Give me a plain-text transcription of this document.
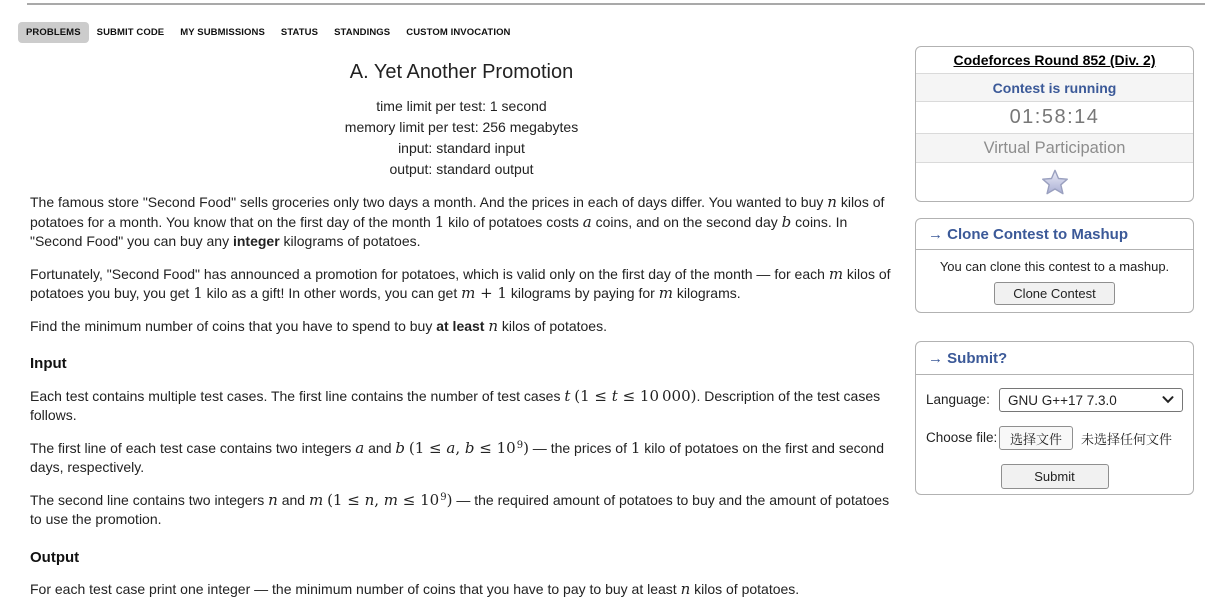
PROBLEMS	SUBMIT CODE	MY SUBMISSIONS	STATUS	STANDINGS	CUSTOM INVOCATION
A. Yet Another Promotion
time limit per test: 1 second
memory limit per test: 256 megabytes
input: standard input
output: standard output

The famous store "Second Food" sells groceries only two days a month. And the prices in each of days differ. You wanted to buy n kilos of potatoes for a month. You know that on the first day of the month 1 kilo of potatoes costs a coins, and on the second day b coins. In "Second Food" you can buy any integer kilograms of potatoes.

Fortunately, "Second Food" has announced a promotion for potatoes, which is valid only on the first day of the month — for each m kilos of potatoes you buy, you get 1 kilo as a gift! In other words, you can get m + 1 kilograms by paying for m kilograms.

Find the minimum number of coins that you have to spend to buy at least n kilos of potatoes.

Input

Each test contains multiple test cases. The first line contains the number of test cases t (1 ≤ t ≤ 10 000). Description of the test cases follows.

The first line of each test case contains two integers a and b (1 ≤ a, $b \le 10^9$) — the prices of 1 kilo of potatoes on the first and second days, respectively.

The second line contains two integers n and m (1 ≤ n, $m \le 10^9$) — the required amount of potatoes to buy and the amount of potatoes to use the promotion.

Output

For each test case print one integer — the minimum number of coins that you have to pay to buy at least n kilos of potatoes.

Codeforces Round 852 (Div. 2)
Contest is running
01:58:14
Virtual Participation
→ Clone Contest to Mashup
You can clone this contest to a mashup.
Clone Contest
→ Submit?
Language:	GNU G++17 7.3.0
Choose file: 选择文件	未选择任何文件
Submit
